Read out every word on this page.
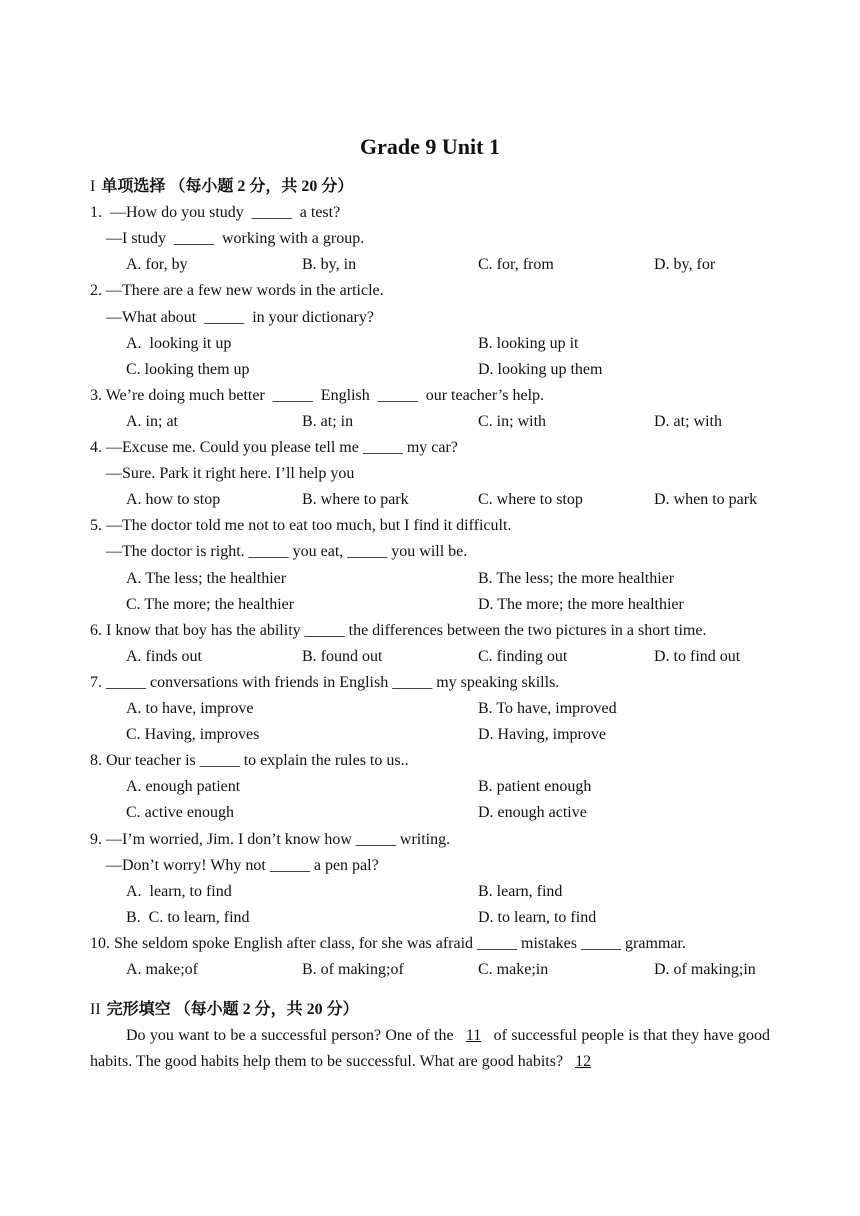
Grade 9 Unit 1
I 单项选择 （每小题 2 分，共 20 分）
1.  —How do you study  _____  a test?
—I study  _____  working with a group.
A. for, by	B. by, in	C. for, from	D. by, for
2. —There are a few new words in the article.
—What about  _____  in your dictionary?
A.  looking it up	B. looking up it
C. looking them up	D. looking up them
3. We’re doing much better  _____  English  _____  our teacher’s help.
A. in; at	B. at; in	C. in; with	D. at; with
4. —Excuse me. Could you please tell me _____ my car?
—Sure. Park it right here. I’ll help you
A. how to stop	B. where to park	C. where to stop	D. when to park
5. —The doctor told me not to eat too much, but I find it difficult.
—The doctor is right. _____ you eat, _____ you will be.
A. The less; the healthier	B. The less; the more healthier
C. The more; the healthier	D. The more; the more healthier
6. I know that boy has the ability _____ the differences between the two pictures in a short time.
A. finds out	B. found out	C. finding out	D. to find out
7. _____ conversations with friends in English _____ my speaking skills.
A. to have, improve	B. To have, improved
C. Having, improves	D. Having, improve
8. Our teacher is _____ to explain the rules to us..
A. enough patient	B. patient enough
C. active enough	D. enough active
9. —I’m worried, Jim. I don’t know how _____ writing.
—Don’t worry! Why not _____ a pen pal?
A.  learn, to find	B. learn, find
B.  C. to learn, find	D. to learn, to find
10. She seldom spoke English after class, for she was afraid _____ mistakes _____ grammar.
A. make;of	B. of making;of	C. make;in	D. of making;in
II 完形填空 （每小题 2 分，共 20 分）
Do you want to be a successful person? One of the 11 of successful people is that they have good habits. The good habits help them to be successful. What are good habits? 12
